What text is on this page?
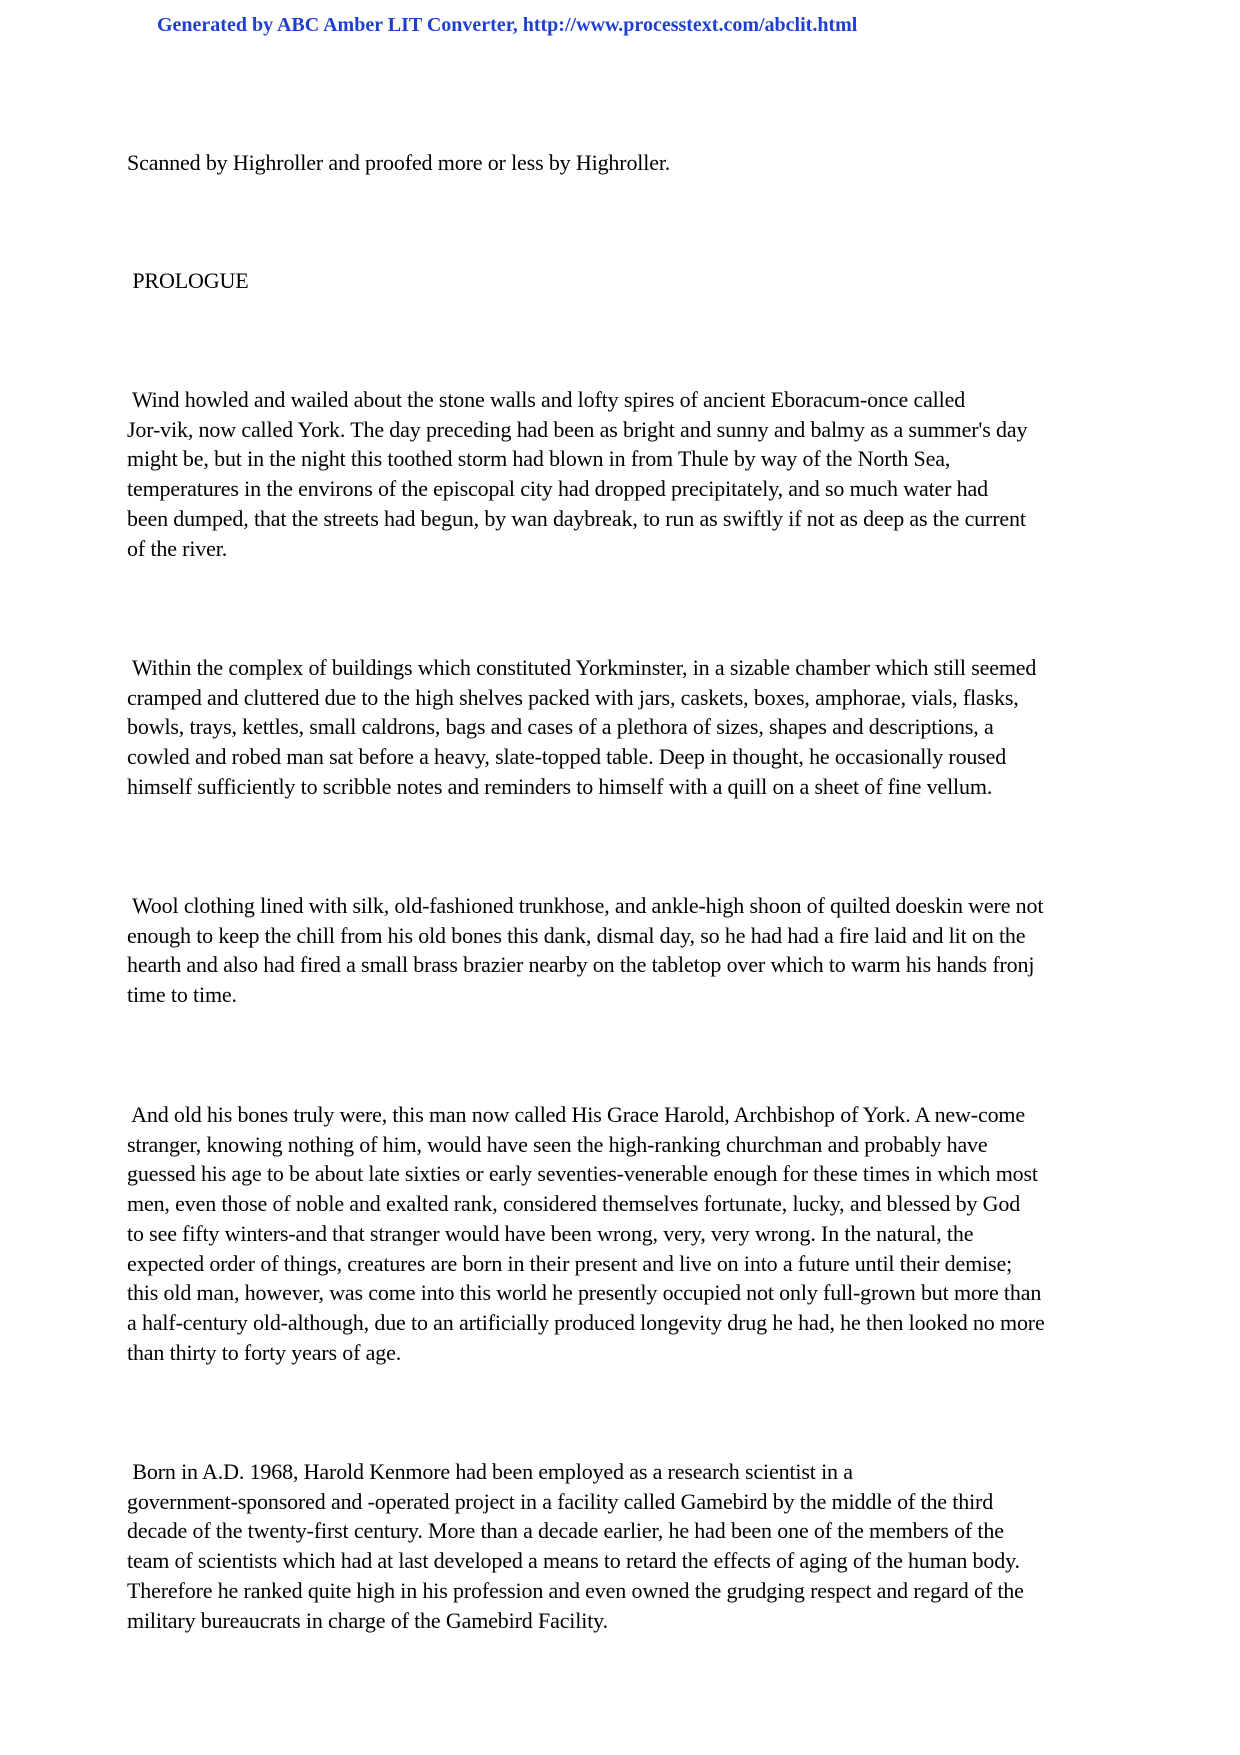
Generated by ABC Amber LIT Converter, http://www.processtext.com/abclit.html

Scanned by Highroller and proofed more or less by Highroller.

PROLOGUE

Wind howled and wailed about the stone walls and lofty spires of ancient Eboracum-once called
Jor-vik, now called York. The day preceding had been as bright and sunny and balmy as a summer's day
might be, but in the night this toothed storm had blown in from Thule by way of the North Sea,
temperatures in the environs of the episcopal city had dropped precipitately, and so much water had
been dumped, that the streets had begun, by wan daybreak, to run as swiftly if not as deep as the current
of the river.
Within the complex of buildings which constituted Yorkminster, in a sizable chamber which still seemed
cramped and cluttered due to the high shelves packed with jars, caskets, boxes, amphorae, vials, flasks,
bowls, trays, kettles, small caldrons, bags and cases of a plethora of sizes, shapes and descriptions, a
cowled and robed man sat before a heavy, slate-topped table. Deep in thought, he occasionally roused
himself sufficiently to scribble notes and reminders to himself with a quill on a sheet of fine vellum.
Wool clothing lined with silk, old-fashioned trunkhose, and ankle-high shoon of quilted doeskin were not
enough to keep the chill from his old bones this dank, dismal day, so he had had a fire laid and lit on the
hearth and also had fired a small brass brazier nearby on the tabletop over which to warm his hands fronj
time to time.
And old his bones truly were, this man now called His Grace Harold, Archbishop of York. A new-come
stranger, knowing nothing of him, would have seen the high-ranking churchman and probably have
guessed his age to be about late sixties or early seventies-venerable enough for these times in which most
men, even those of noble and exalted rank, considered themselves fortunate, lucky, and blessed by God
to see fifty winters-and that stranger would have been wrong, very, very wrong. In the natural, the
expected order of things, creatures are born in their present and live on into a future until their demise;
this old man, however, was come into this world he presently occupied not only full-grown but more than
a half-century old-although, due to an artificially produced longevity drug he had, he then looked no more
than thirty to forty years of age.
Born in A.D. 1968, Harold Kenmore had been employed as a research scientist in a
government-sponsored and -operated project in a facility called Gamebird by the middle of the third
decade of the twenty-first century. More than a decade earlier, he had been one of the members of the
team of scientists which had at last developed a means to retard the effects of aging of the human body.
Therefore he ranked quite high in his profession and even owned the grudging respect and regard of the
military bureaucrats in charge of the Gamebird Facility.
